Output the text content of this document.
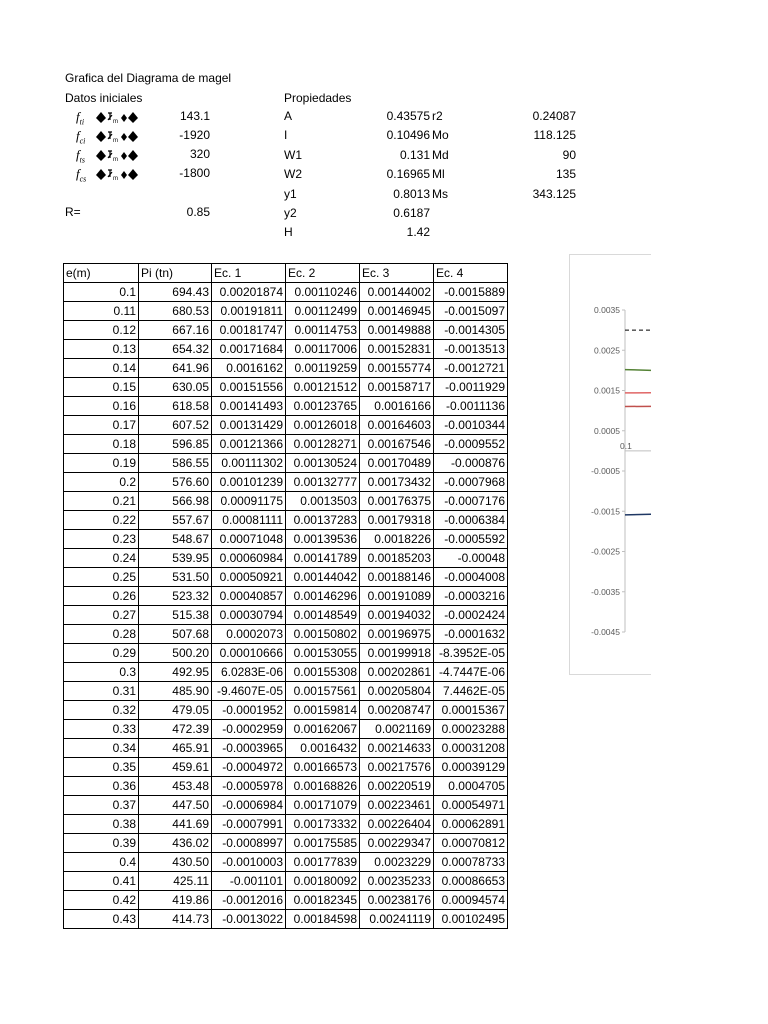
Grafica del Diagrama de magel
Datos iniciales	Propiedades
$f_{ti}$	m	143.1
$f_{ci}$	m	-1920
$f_{ts}$	m	320
$f_{cs}$	m	-1800
R=	0.85
A	0.43575 r2	0.24087
I	0.10496 Mo	118.125
W1	0.131 Md	90
W2	0.16965 Ml	135
y1	0.8013 Ms	343.125
y2	0.6187
H	1.42
e(m)	Pi (tn)	Ec. 1	Ec. 2	Ec. 3	Ec. 4
0.1	694.43	0.00201874	0.00110246	0.00144002	-0.0015889
0.11	680.53	0.00191811	0.00112499	0.00146945	-0.0015097
0.12	667.16	0.00181747	0.00114753	0.00149888	-0.0014305
0.13	654.32	0.00171684	0.00117006	0.00152831	-0.0013513
0.14	641.96	0.0016162	0.00119259	0.00155774	-0.0012721
0.15	630.05	0.00151556	0.00121512	0.00158717	-0.0011929
0.16	618.58	0.00141493	0.00123765	0.0016166	-0.0011136
0.17	607.52	0.00131429	0.00126018	0.00164603	-0.0010344
0.18	596.85	0.00121366	0.00128271	0.00167546	-0.0009552
0.19	586.55	0.00111302	0.00130524	0.00170489	-0.000876
0.2	576.60	0.00101239	0.00132777	0.00173432	-0.0007968
0.21	566.98	0.00091175	0.0013503	0.00176375	-0.0007176
0.22	557.67	0.00081111	0.00137283	0.00179318	-0.0006384
0.23	548.67	0.00071048	0.00139536	0.0018226	-0.0005592
0.24	539.95	0.00060984	0.00141789	0.00185203	-0.00048
0.25	531.50	0.00050921	0.00144042	0.00188146	-0.0004008
0.26	523.32	0.00040857	0.00146296	0.00191089	-0.0003216
0.27	515.38	0.00030794	0.00148549	0.00194032	-0.0002424
0.28	507.68	0.0002073	0.00150802	0.00196975	-0.0001632
0.29	500.20	0.00010666	0.00153055	0.00199918	-8.3952E-05
0.3	492.95	6.0283E-06	0.00155308	0.00202861	-4.7447E-06
0.31	485.90	-9.4607E-05	0.00157561	0.00205804	7.4462E-05
0.32	479.05	-0.0001952	0.00159814	0.00208747	0.00015367
0.33	472.39	-0.0002959	0.00162067	0.0021169	0.00023288
0.34	465.91	-0.0003965	0.0016432	0.00214633	0.00031208
0.35	459.61	-0.0004972	0.00166573	0.00217576	0.00039129
0.36	453.48	-0.0005978	0.00168826	0.00220519	0.0004705
0.37	447.50	-0.0006984	0.00171079	0.00223461	0.00054971
0.38	441.69	-0.0007991	0.00173332	0.00226404	0.00062891
0.39	436.02	-0.0008997	0.00175585	0.00229347	0.00070812
0.4	430.50	-0.0010003	0.00177839	0.0023229	0.00078733
0.41	425.11	-0.001101	0.00180092	0.00235233	0.00086653
0.42	419.86	-0.0012016	0.00182345	0.00238176	0.00094574
0.43	414.73	-0.0013022	0.00184598	0.00241119	0.00102495
0.0035
0.0025
0.0015
0.0005
-0.0005
-0.0015
-0.0025
-0.0035
-0.0045
0.1
